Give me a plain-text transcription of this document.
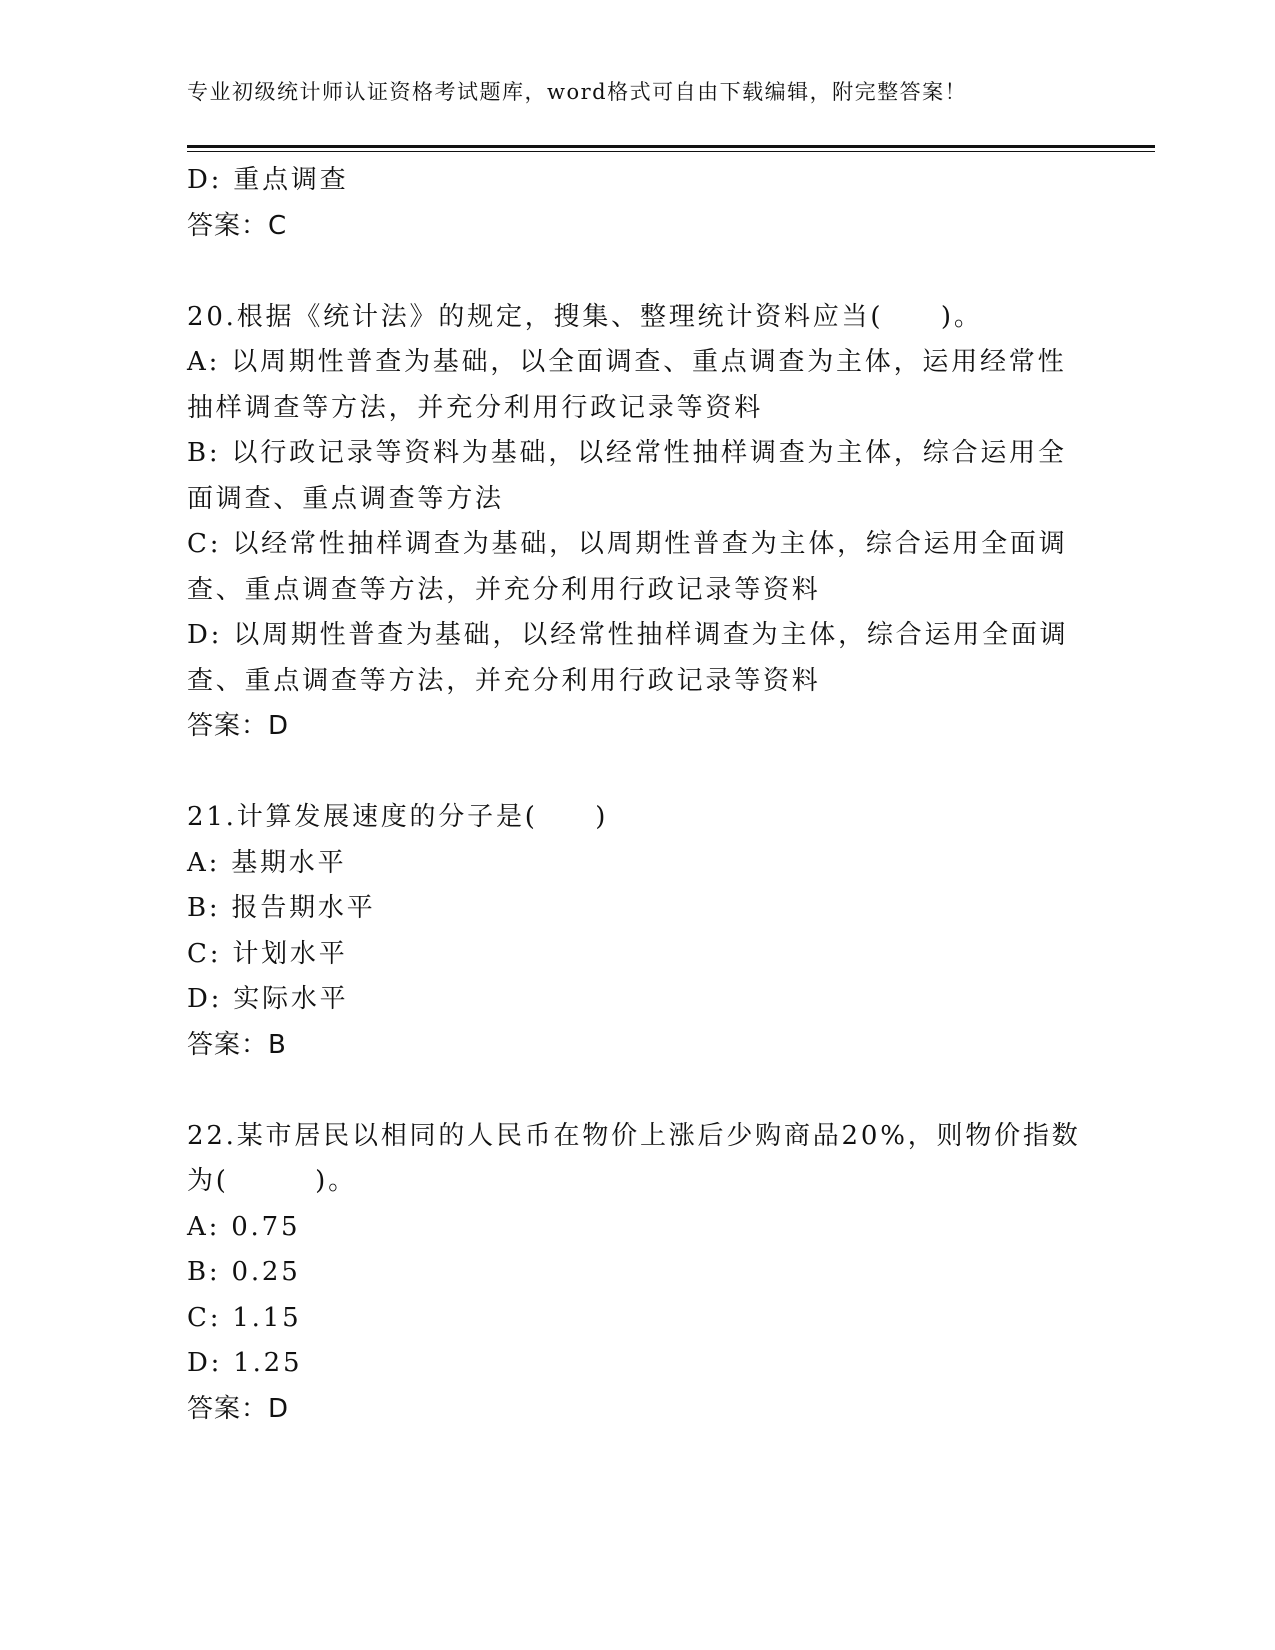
专业初级统计师认证资格考试题库，word格式可自由下载编辑，附完整答案！
D: 重点调查
答案：C
20.根据《统计法》的规定，搜集、整理统计资料应当(　　)。
A: 以周期性普查为基础，以全面调查、重点调查为主体，运用经常性
抽样调查等方法，并充分利用行政记录等资料
B: 以行政记录等资料为基础，以经常性抽样调查为主体，综合运用全
面调查、重点调查等方法
C: 以经常性抽样调查为基础，以周期性普查为主体，综合运用全面调
查、重点调查等方法，并充分利用行政记录等资料
D: 以周期性普查为基础，以经常性抽样调查为主体，综合运用全面调
查、重点调查等方法，并充分利用行政记录等资料
答案：D
21.计算发展速度的分子是(　　)
A: 基期水平
B: 报告期水平
C: 计划水平
D: 实际水平
答案：B
22.某市居民以相同的人民币在物价上涨后少购商品20%，则物价指数
为(　　　)。
A: 0.75
B: 0.25
C: 1.15
D: 1.25
答案：D
